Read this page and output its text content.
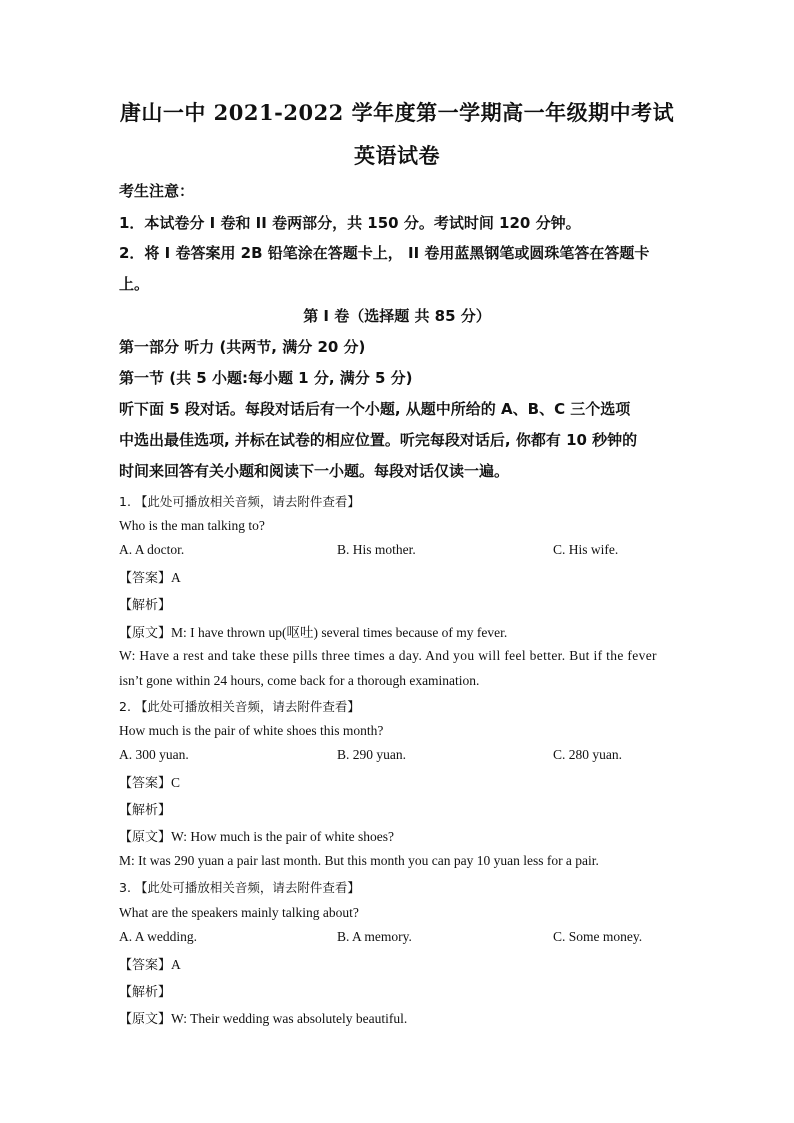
唐山一中 2021-2022 学年度第一学期高一年级期中考试
英语试卷
考生注意：
1．本试卷分 I 卷和 II 卷两部分，共 150 分。考试时间 120 分钟。
2．将 I 卷答案用 2B 铅笔涂在答题卡上， II 卷用蓝黑钢笔或圆珠笔答在答题卡
上。
第 I 卷（选择题 共 85 分）
第一部分 听力 (共两节, 满分 20 分)
第一节 (共 5 小题:每小题 1 分, 满分 5 分)
听下面 5 段对话。每段对话后有一个小题, 从题中所给的 A、B、C 三个选项
中选出最佳选项, 并标在试卷的相应位置。听完每段对话后, 你都有 10 秒钟的
时间来回答有关小题和阅读下一小题。每段对话仅读一遍。
1. 【此处可播放相关音频，请去附件查看】
Who is the man talking to?
A. A doctor.	B. His mother.	C. His wife.
【答案】A
【解析】
【原文】M: I have thrown up(呕吐) several times because of my fever.
W: Have a rest and take these pills three times a day. And you will feel better. But if the fever
isn’t gone within 24 hours, come back for a thorough examination.
2. 【此处可播放相关音频，请去附件查看】
How much is the pair of white shoes this month?
A. 300 yuan.	B. 290 yuan.	C. 280 yuan.
【答案】C
【解析】
【原文】W: How much is the pair of white shoes?
M: It was 290 yuan a pair last month. But this month you can pay 10 yuan less for a pair.
3. 【此处可播放相关音频，请去附件查看】
What are the speakers mainly talking about?
A. A wedding.	B. A memory.	C. Some money.
【答案】A
【解析】
【原文】W: Their wedding was absolutely beautiful.
